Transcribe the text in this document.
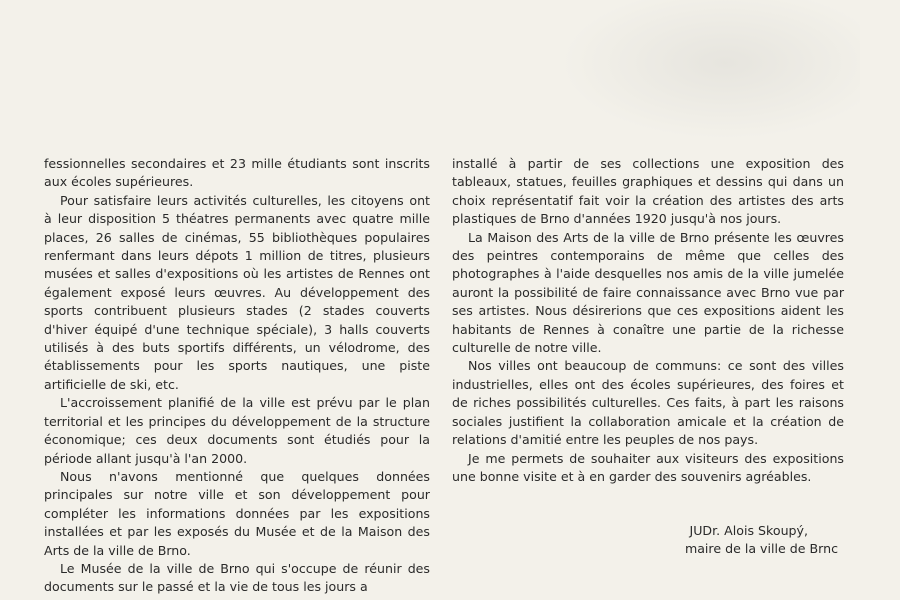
fessionnelles secondaires et 23 mille étudiants sont inscrits aux écoles supérieures.

Pour satisfaire leurs activités culturelles, les citoyens ont à leur disposition 5 théatres permanents avec quatre mille places, 26 salles de cinémas, 55 bibliothèques populaires renfermant dans leurs dépots 1 million de titres, plusieurs musées et salles d'expositions où les artistes de Rennes ont également exposé leurs œuvres. Au développement des sports contribuent plusieurs stades (2 stades couverts d'hiver équipé d'une technique spéciale), 3 halls couverts utilisés à des buts sportifs différents, un vélodrome, des établissements pour les sports nautiques, une piste artificielle de ski, etc.

L'accroissement planifié de la ville est prévu par le plan territorial et les principes du développement de la structure économique; ces deux documents sont étudiés pour la période allant jusqu'à l'an 2000.

Nous n'avons mentionné que quelques données principales sur notre ville et son développement pour compléter les informations données par les expositions installées et par les exposés du Musée et de la Maison des Arts de la ville de Brno.

Le Musée de la ville de Brno qui s'occupe de réunir des documents sur le passé et la vie de tous les jours a

installé à partir de ses collections une exposition des tableaux, statues, feuilles graphiques et dessins qui dans un choix représentatif fait voir la création des artistes des arts plastiques de Brno d'années 1920 jusqu'à nos jours.

La Maison des Arts de la ville de Brno présente les œuvres des peintres contemporains de même que celles des photographes à l'aide desquelles nos amis de la ville jumelée auront la possibilité de faire connaissance avec Brno vue par ses artistes. Nous désirerions que ces expositions aident les habitants de Rennes à conaître une partie de la richesse culturelle de notre ville.

Nos villes ont beaucoup de communs: ce sont des villes industrielles, elles ont des écoles supérieures, des foires et de riches possibilités culturelles. Ces faits, à part les raisons sociales justifient la collaboration amicale et la création de relations d'amitié entre les peuples de nos pays.

Je me permets de souhaiter aux visiteurs des expositions une bonne visite et à en garder des souvenirs agréables.

JUDr. Alois Skoupý,
maire de la ville de Brnc
